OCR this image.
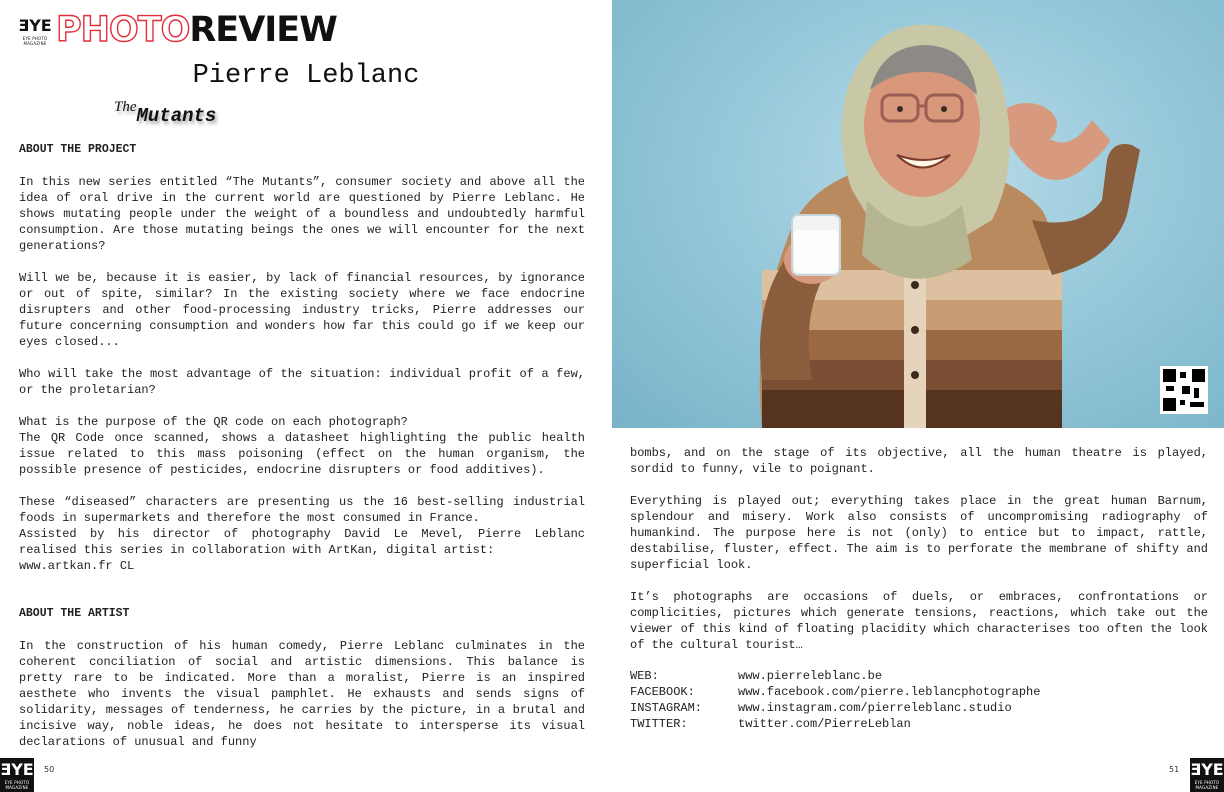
ƎYE
EYE PHOTO MAGAZINE PHOTOREVIEW
Pierre Leblanc
TheMutants
ABOUT THE PROJECT

In this new series entitled “The Mutants”, consumer society and above all the idea of oral drive in the current world are questioned by Pierre Leblanc. He shows mutating people under the weight of a boundless and undoubtedly harmful consumption. Are those mutating beings the ones we will encounter for the next generations?

Will we be, because it is easier, by lack of financial resources, by ignorance or out of spite, similar? In the existing society where we face endocrine disrupters and other food-processing industry tricks, Pierre addresses our future concerning consumption and wonders how far this could go if we keep our eyes closed...

Who will take the most advantage of the situation: individual profit of a few, or the proletarian?

What is the purpose of the QR code on each photograph?
The QR Code once scanned, shows a datasheet highlighting the public health issue related to this mass poisoning (effect on the human organism, the possible presence of pesticides, endocrine disrupters or food additives).
These “diseased” characters are presenting us the 16 best-selling industrial foods in supermarkets and therefore the most consumed in France.
Assisted by his director of photography David Le Mevel, Pierre Leblanc realised this series in collaboration with ArtKan, digital artist:
www.artkan.fr CL
ABOUT THE ARTIST

In the construction of his human comedy, Pierre Leblanc culminates in the coherent conciliation of social and artistic dimensions. This balance is pretty rare to be indicated. More than a moralist, Pierre is an inspired aesthete who invents the visual pamphlet. He exhausts and sends signs of solidarity, messages of tenderness, he carries by the picture, in a brutal and incisive way, noble ideas, he does not hesitate to intersperse its visual declarations of unusual and funny

ƎYE
EYE PHOTO MAGAZINE
50

bombs, and on the stage of its objective, all the human theatre is played, sordid to funny, vile to poignant.

Everything is played out; everything takes place in the great human Barnum, splendour and misery. Work also consists of uncompromising radiography of humankind. The purpose here is not (only) to entice but to impact, rattle, destabilise, fluster, effect. The aim is to perforate the membrane of shifty and superficial look.

It’s photographs are occasions of duels, or embraces, confrontations or complicities, pictures which generate tensions, reactions, which take out the viewer of this kind of floating placidity which characterises too often the look of the cultural tourist…

WEB:	www.pierreleblanc.be
FACEBOOK:	www.facebook.com/pierre.leblancphotographe
INSTAGRAM:	www.instagram.com/pierreleblanc.studio
TWITTER:	twitter.com/PierreLeblan
51 ƎYE
EYE PHOTO MAGAZINE
